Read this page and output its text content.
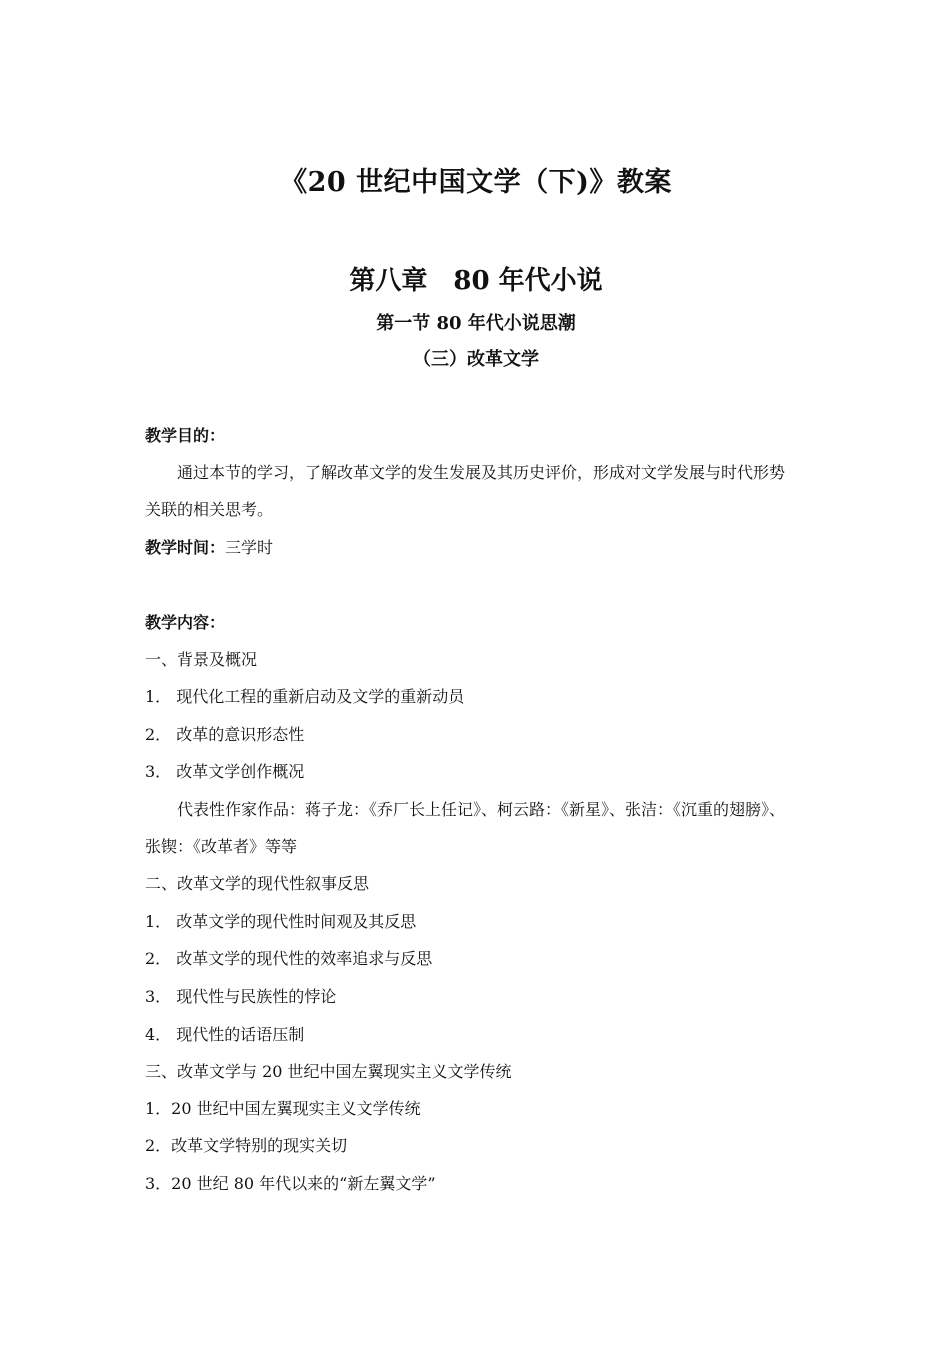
《20 世纪中国文学（下)》教案
第八章 80 年代小说
第一节 80 年代小说思潮
（三）改革文学

教学目的：

通过本节的学习，了解改革文学的发生发展及其历史评价，形成对文学发展与时代形势

关联的相关思考。

教学时间：三学时

教学内容：

一、背景及概况

1． 现代化工程的重新启动及文学的重新动员

2． 改革的意识形态性

3． 改革文学创作概况

代表性作家作品：蒋子龙：《乔厂长上任记》、柯云路：《新星》、张洁：《沉重的翅膀》、

张锲：《改革者》等等

二、改革文学的现代性叙事反思

1． 改革文学的现代性时间观及其反思

2． 改革文学的现代性的效率追求与反思

3． 现代性与民族性的悖论

4． 现代性的话语压制

三、改革文学与 20 世纪中国左翼现实主义文学传统

1．20 世纪中国左翼现实主义文学传统

2．改革文学特别的现实关切

3．20 世纪 80 年代以来的“新左翼文学”
